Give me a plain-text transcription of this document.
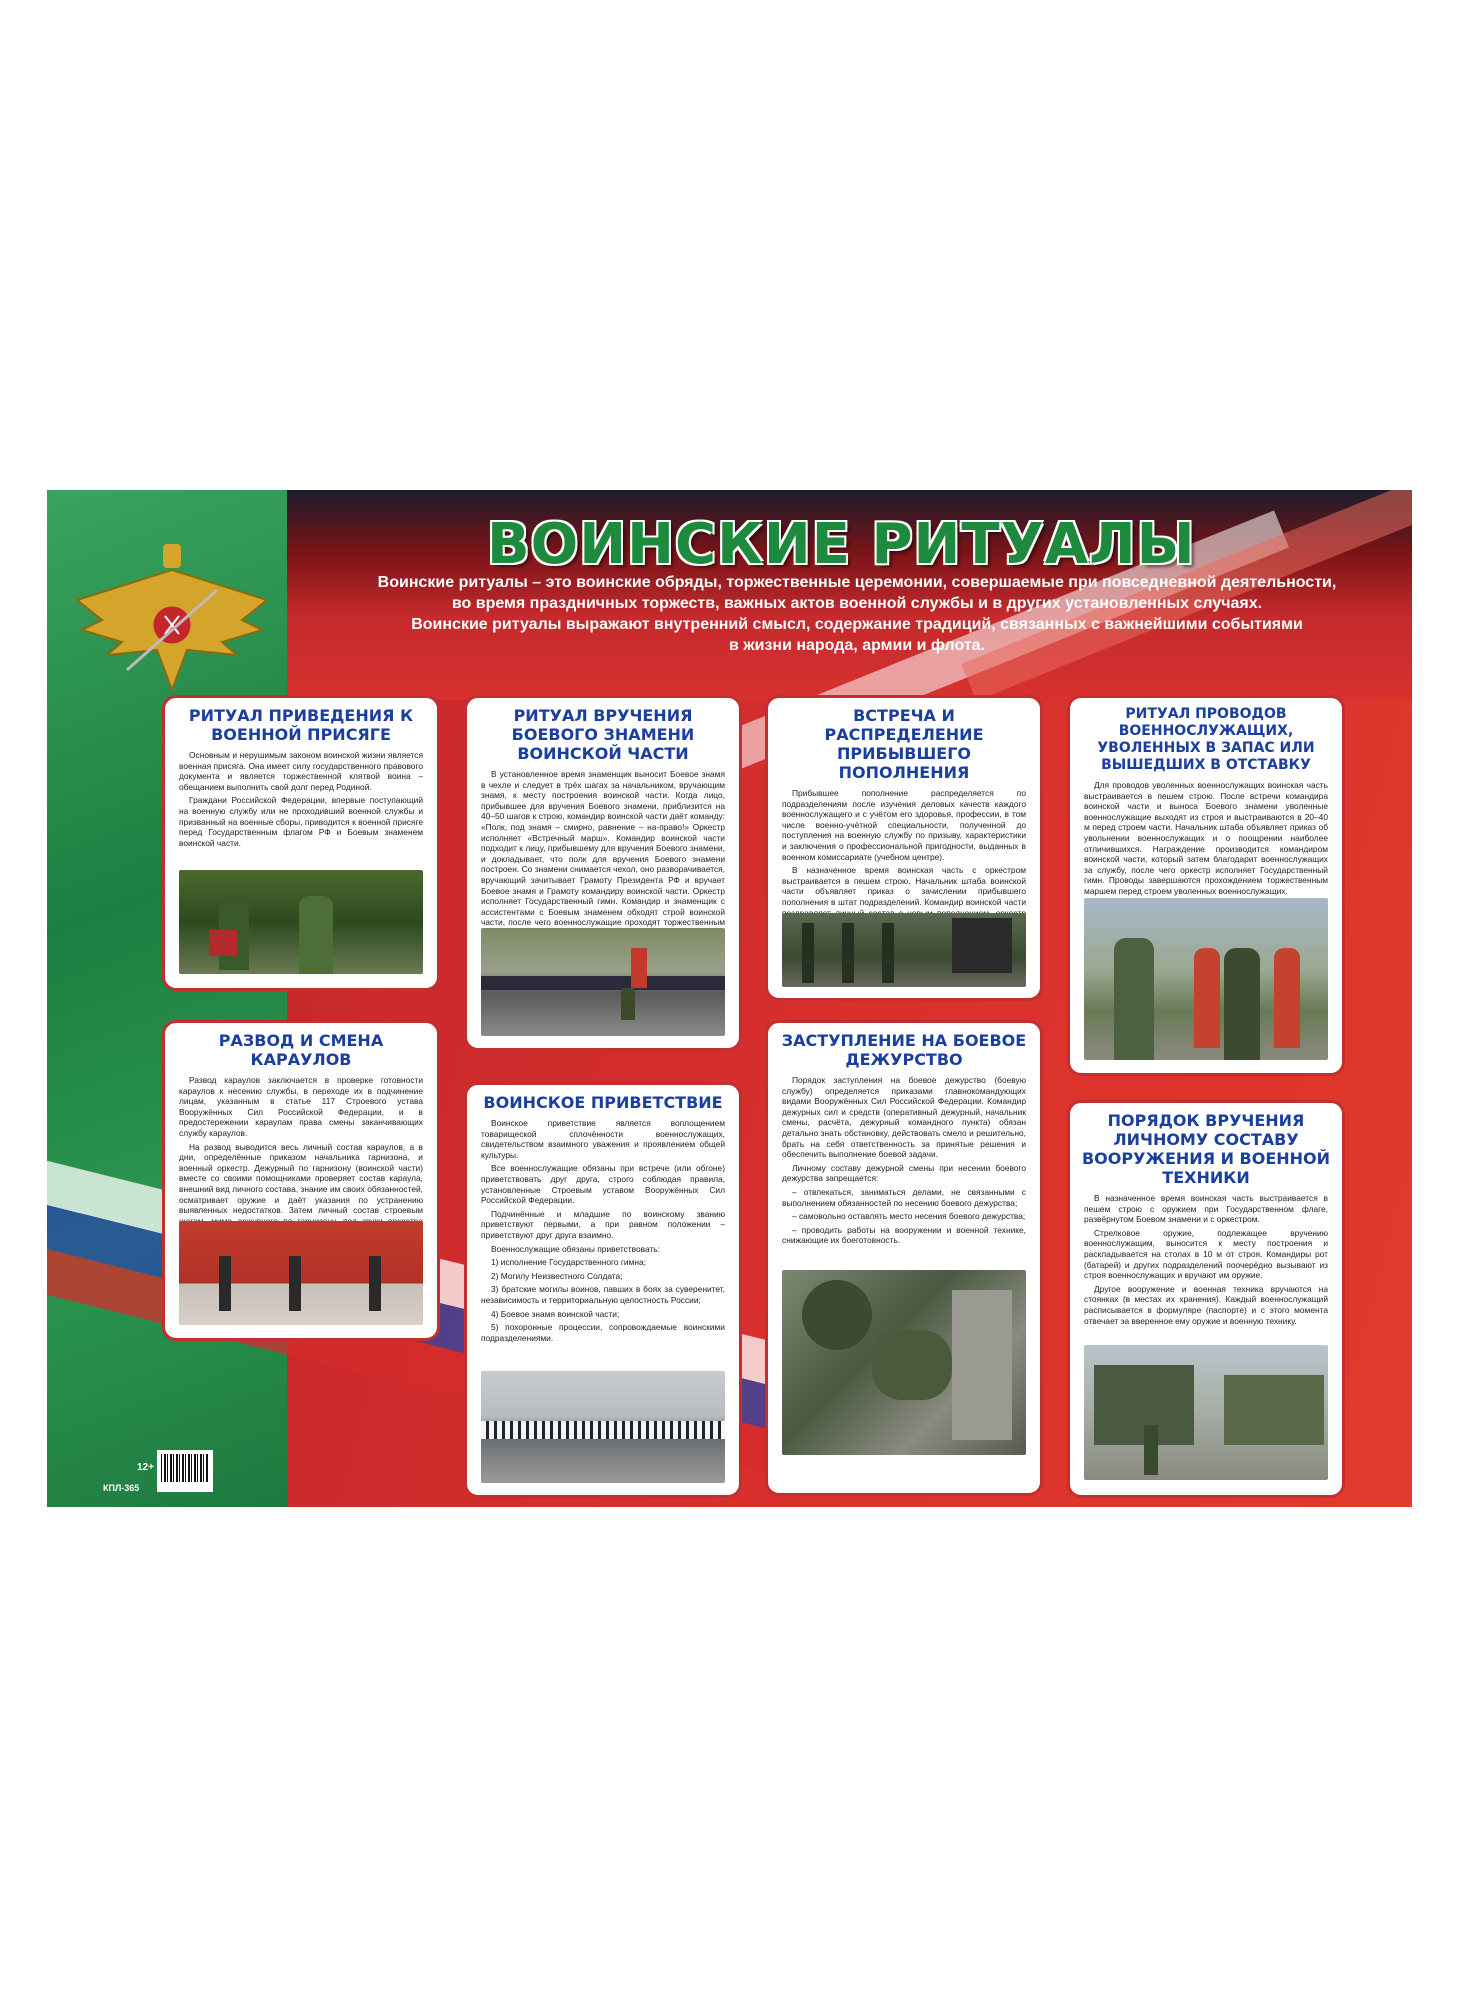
ВОИНСКИЕ РИТУАЛЫ
Воинские ритуалы – это воинские обряды, торжественные церемонии, совершаемые при повседневной деятельности,
во время праздничных торжеств, важных актов военной службы и в других установленных случаях.
Воинские ритуалы выражают внутренний смысл, содержание традиций, связанных с важнейшими событиями
в жизни народа, армии и флота.
РИТУАЛ ПРИВЕДЕНИЯ К ВОЕННОЙ ПРИСЯГЕ

Основным и нерушимым законом воинской жизни является военная присяга. Она имеет силу государственного правового документа и является торжественной клятвой воина – обещанием выполнить свой долг перед Родиной.

Граждани Российской Федерации, впервые поступающий на военную службу или не проходивший военной службы и призванный на военные сборы, приводится к военной присяге перед Государственным флагом РФ и Боевым знаменем воинской части.

РИТУАЛ ВРУЧЕНИЯ БОЕВОГО ЗНАМЕНИ ВОИНСКОЙ ЧАСТИ

В установленное время знаменщик выносит Боевое знамя в чехле и следует в трёх шагах за начальником, вручающим знамя, к месту построения воинской части. Когда лицо, прибывшее для вручения Боевого знамени, приблизится на 40–50 шагов к строю, командир воинской части даёт команду: «Полк, под знамя – смирно, равнение – на-право!» Оркестр исполняет «Встречный марш». Командир воинской части подходит к лицу, прибывшему для вручения Боевого знамени, и докладывает, что полк для вручения Боевого знамени построен. Со знамени снимается чехол, оно разворачивается, вручающий зачитывает Грамоту Президента РФ и вручает Боевое знамя и Грамоту командиру воинской части. Оркестр исполняет Государственный гимн. Командир и знаменщик с ассистентами с Боевым знаменем обходят строй воинской части, после чего военнослужащие проходят торжественным

ВСТРЕЧА И РАСПРЕДЕЛЕНИЕ ПРИБЫВШЕГО ПОПОЛНЕНИЯ

Прибывшее пополнение распределяется по подразделениям после изучения деловых качеств каждого военнослужащего и с учётом его здоровья, профессии, в том числе военно-учётной специальности, полученной до поступления на военную службу по призыву, характеристики и заключения о профессиональной пригодности, выданных в военном комиссариате (учебном центре).

В назначенное время воинская часть с оркестром выстраивается в пешем строю. Начальник штаба воинской части объявляет приказ о зачислении прибывшего пополнения в штат подразделений. Командир воинской части

РИТУАЛ ПРОВОДОВ ВОЕННОСЛУЖАЩИХ, УВОЛЕННЫХ В ЗАПАС ИЛИ ВЫШЕДШИХ В ОТСТАВКУ

Для проводов уволенных военнослужащих воинская часть выстраивается в пешем строю. После встречи командира воинской части и выноса Боевого знамени уволенные военнослужащие выходят из строя и выстраиваются в 20–40 м перед строем части. Начальник штаба объявляет приказ об увольнении военнослужащих и о поощрении наиболее отличившихся. Награждение производится командиром воинской части, который затем благодарит военнослужащих за службу, после чего оркестр исполняет Государственный гимн. Проводы завершаются прохождением торжественным маршем перед строем уволенных военнослужащих.

РАЗВОД И СМЕНА КАРАУЛОВ

Развод караулов заключается в проверке готовности караулов к несению службы, в переходе их в подчинение лицам, указанным в статье 117 Строевого устава Вооружённых Сил Российской Федерации, и в предостережении караулам права смены заканчивающих службу караулов.

На развод выводится весь личный состав караулов, а в дни, определённые приказом начальника гарнизона, и военный оркестр. Дежурный по гарнизону (воинской части) вместе со своими помощниками проверяет состав караула, внешний вид личного состава, знание им своих обязанностей, осматривает оружие и даёт указания по устранению выявленных недостатков. Затем личный состав строевым

ВОИНСКОЕ ПРИВЕТСТВИЕ

Воинское приветствие является воплощением товарищеской сплочённости военнослужащих, свидетельством взаимного уважения и проявлением общей культуры.

Все военнослужащие обязаны при встрече (или обгоне) приветствовать друг друга, строго соблюдая правила, установленные Строевым уставом Вооружённых Сил Российской Федерации.

Подчинённые и младшие по воинскому званию приветствуют первыми, а при равном положении – приветствуют друг друга взаимно.

Военнослужащие обязаны приветствовать:

1) исполнение Государственного гимна;

2) Могилу Неизвестного Солдата;

3) братские могилы воинов, павших в боях за суверенитет, независимость и территориальную целостность России;

4) Боевое знамя воинской части;

5) похоронные процессии, сопровождаемые воинскими подразделениями.

ЗАСТУПЛЕНИЕ НА БОЕВОЕ ДЕЖУРСТВО

Порядок заступления на боевое дежурство (боевую службу) определяется приказами главнокомандующих видами Вооружённых Сил Российской Федерации. Командир дежурных сил и средств (оперативный дежурный, начальник смены, расчёта, дежурный командного пункта) обязан детально знать обстановку, действовать смело и решительно, брать на себя ответственность за принятые решения и обеспечить выполнение боевой задачи.

Личному составу дежурной смены при несении боевого дежурства запрещается:

– отвлекаться, заниматься делами, не связанными с выполнением обязанностей по несению боевого дежурства;

– самовольно оставлять место несения боевого дежурства;

– проводить работы на вооружении и военной технике, снижающие их боеготовность.

ПОРЯДОК ВРУЧЕНИЯ ЛИЧНОМУ СОСТАВУ ВООРУЖЕНИЯ И ВОЕННОЙ ТЕХНИКИ

В назначенное время воинская часть выстраивается в пешем строю с оружием при Государственном флаге, развёрнутом Боевом знамени и с оркестром.

Стрелковое оружие, подлежащее вручению военнослужащим, выносится к месту построения и раскладывается на столах в 10 м от строя. Командиры рот (батарей) и других подразделений поочерёдно вызывают из строя военнослужащих и вручают им оружие.

Другое вооружение и военная техника вручаются на стоянках (в местах их хранения). Каждый военнослужащий расписывается в формуляре (паспорте) и с этого момента отвечает за вверенное ему оружие и военную технику.

12+
КПЛ-365
